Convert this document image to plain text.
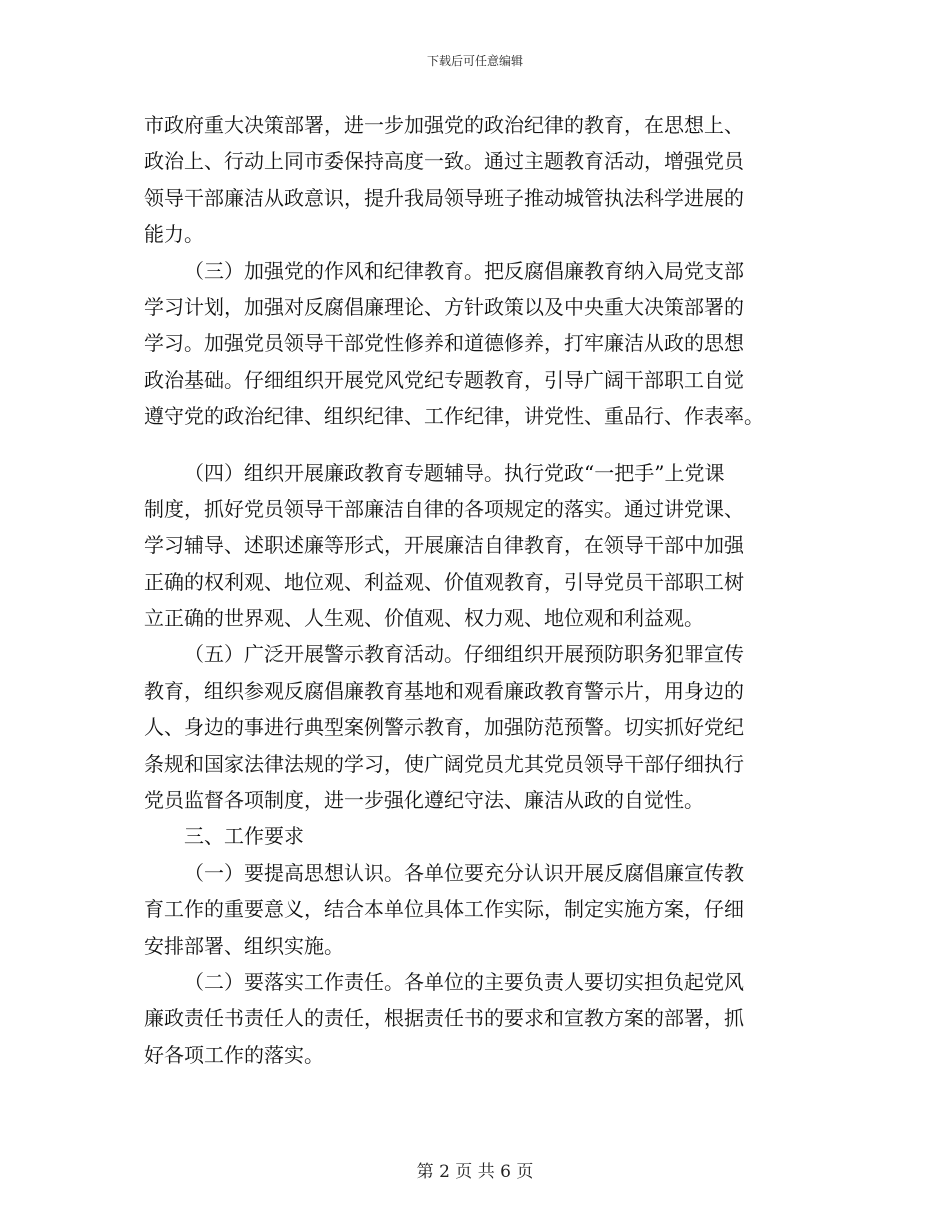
下载后可任意编辑
市政府重大决策部署，进一步加强党的政治纪律的教育，在思想上、
政治上、行动上同市委保持高度一致。通过主题教育活动，增强党员
领导干部廉洁从政意识，提升我局领导班子推动城管执法科学进展的
能力。
（三）加强党的作风和纪律教育。把反腐倡廉教育纳入局党支部
学习计划，加强对反腐倡廉理论、方针政策以及中央重大决策部署的
学习。加强党员领导干部党性修养和道德修养，打牢廉洁从政的思想
政治基础。仔细组织开展党风党纪专题教育，引导广阔干部职工自觉
遵守党的政治纪律、组织纪律、工作纪律，讲党性、重品行、作表率。
（四）组织开展廉政教育专题辅导。执行党政“一把手”上党课
制度，抓好党员领导干部廉洁自律的各项规定的落实。通过讲党课、
学习辅导、述职述廉等形式，开展廉洁自律教育，在领导干部中加强
正确的权利观、地位观、利益观、价值观教育，引导党员干部职工树
立正确的世界观、人生观、价值观、权力观、地位观和利益观。
（五）广泛开展警示教育活动。仔细组织开展预防职务犯罪宣传
教育，组织参观反腐倡廉教育基地和观看廉政教育警示片，用身边的
人、身边的事进行典型案例警示教育，加强防范预警。切实抓好党纪
条规和国家法律法规的学习，使广阔党员尤其党员领导干部仔细执行
党员监督各项制度，进一步强化遵纪守法、廉洁从政的自觉性。
三、工作要求
（一）要提高思想认识。各单位要充分认识开展反腐倡廉宣传教
育工作的重要意义，结合本单位具体工作实际，制定实施方案，仔细
安排部署、组织实施。
（二）要落实工作责任。各单位的主要负责人要切实担负起党风
廉政责任书责任人的责任，根据责任书的要求和宣教方案的部署，抓
好各项工作的落实。
第 2 页 共 6 页
